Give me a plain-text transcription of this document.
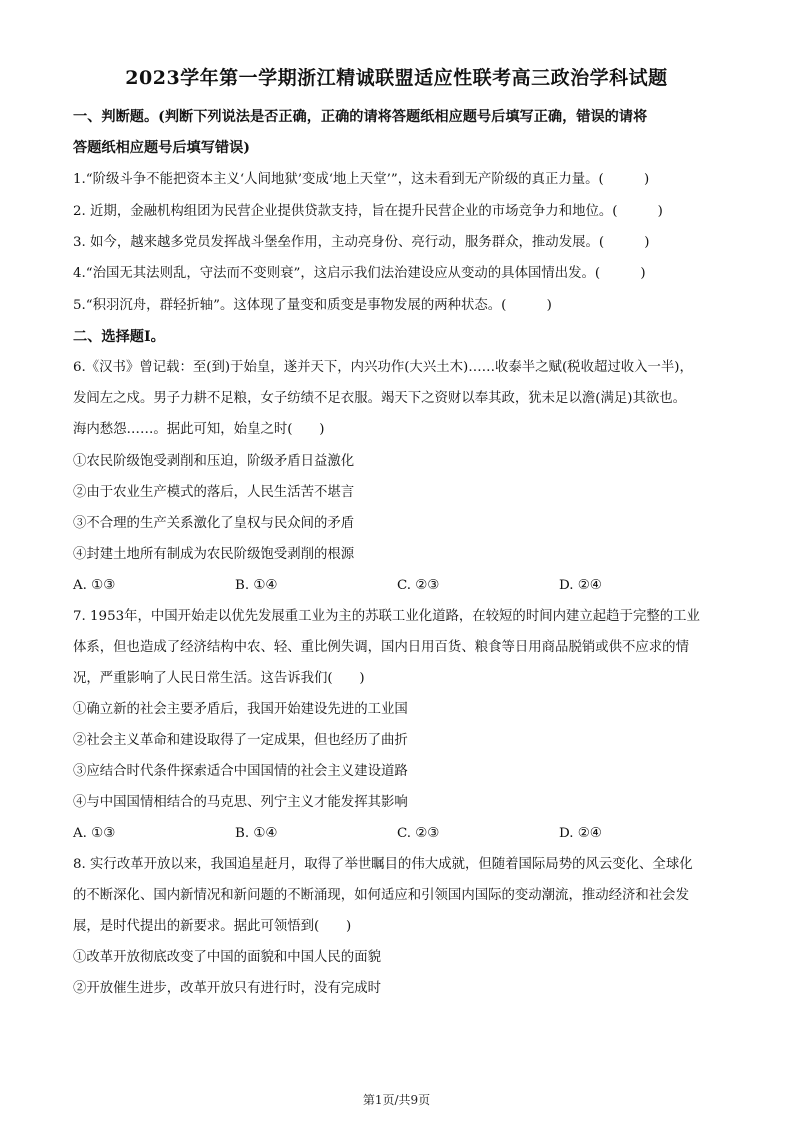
2023学年第一学期浙江精诚联盟适应性联考高三政治学科试题
一、判断题。(判断下列说法是否正确，正确的请将答题纸相应题号后填写正确，错误的请将
答题纸相应题号后填写错误)
1.“阶级斗争不能把资本主义‘人间地狱’变成‘地上天堂’”，这未看到无产阶级的真正力量。(　　　)
2. 近期，金融机构组团为民营企业提供贷款支持，旨在提升民营企业的市场竞争力和地位。(　　　)
3. 如今，越来越多党员发挥战斗堡垒作用，主动亮身份、亮行动，服务群众，推动发展。(　　　)
4.“治国无其法则乱，守法而不变则衰”，这启示我们法治建设应从变动的具体国情出发。(　　　)
5.“积羽沉舟，群轻折轴”。这体现了量变和质变是事物发展的两种状态。(　　　)
二、选择题Ⅰ。
6.《汉书》曾记载：至(到)于始皇，遂并天下，内兴功作(大兴土木)……收泰半之赋(税收超过收入一半)，
发闾左之戍。男子力耕不足粮，女子纺绩不足衣服。竭天下之资财以奉其政，犹未足以澹(满足)其欲也。
海内愁怨……。据此可知，始皇之时(　　)
①农民阶级饱受剥削和压迫，阶级矛盾日益激化
②由于农业生产模式的落后，人民生活苦不堪言
③不合理的生产关系激化了皇权与民众间的矛盾
④封建土地所有制成为农民阶级饱受剥削的根源
A. ①③	B. ①④	C. ②③	D. ②④
7. 1953年，中国开始走以优先发展重工业为主的苏联工业化道路，在较短的时间内建立起趋于完整的工业
体系，但也造成了经济结构中农、轻、重比例失调，国内日用百货、粮食等日用商品脱销或供不应求的情
况，严重影响了人民日常生活。这告诉我们(　　)
①确立新的社会主要矛盾后，我国开始建设先进的工业国
②社会主义革命和建设取得了一定成果，但也经历了曲折
③应结合时代条件探索适合中国国情的社会主义建设道路
④与中国国情相结合的马克思、列宁主义才能发挥其影响
A. ①③	B. ①④	C. ②③	D. ②④
8. 实行改革开放以来，我国追星赶月，取得了举世瞩目的伟大成就，但随着国际局势的风云变化、全球化
的不断深化、国内新情况和新问题的不断涌现，如何适应和引领国内国际的变动潮流，推动经济和社会发
展，是时代提出的新要求。据此可领悟到(　　)
①改革开放彻底改变了中国的面貌和中国人民的面貌
②开放催生进步，改革开放只有进行时，没有完成时
第1页/共9页
